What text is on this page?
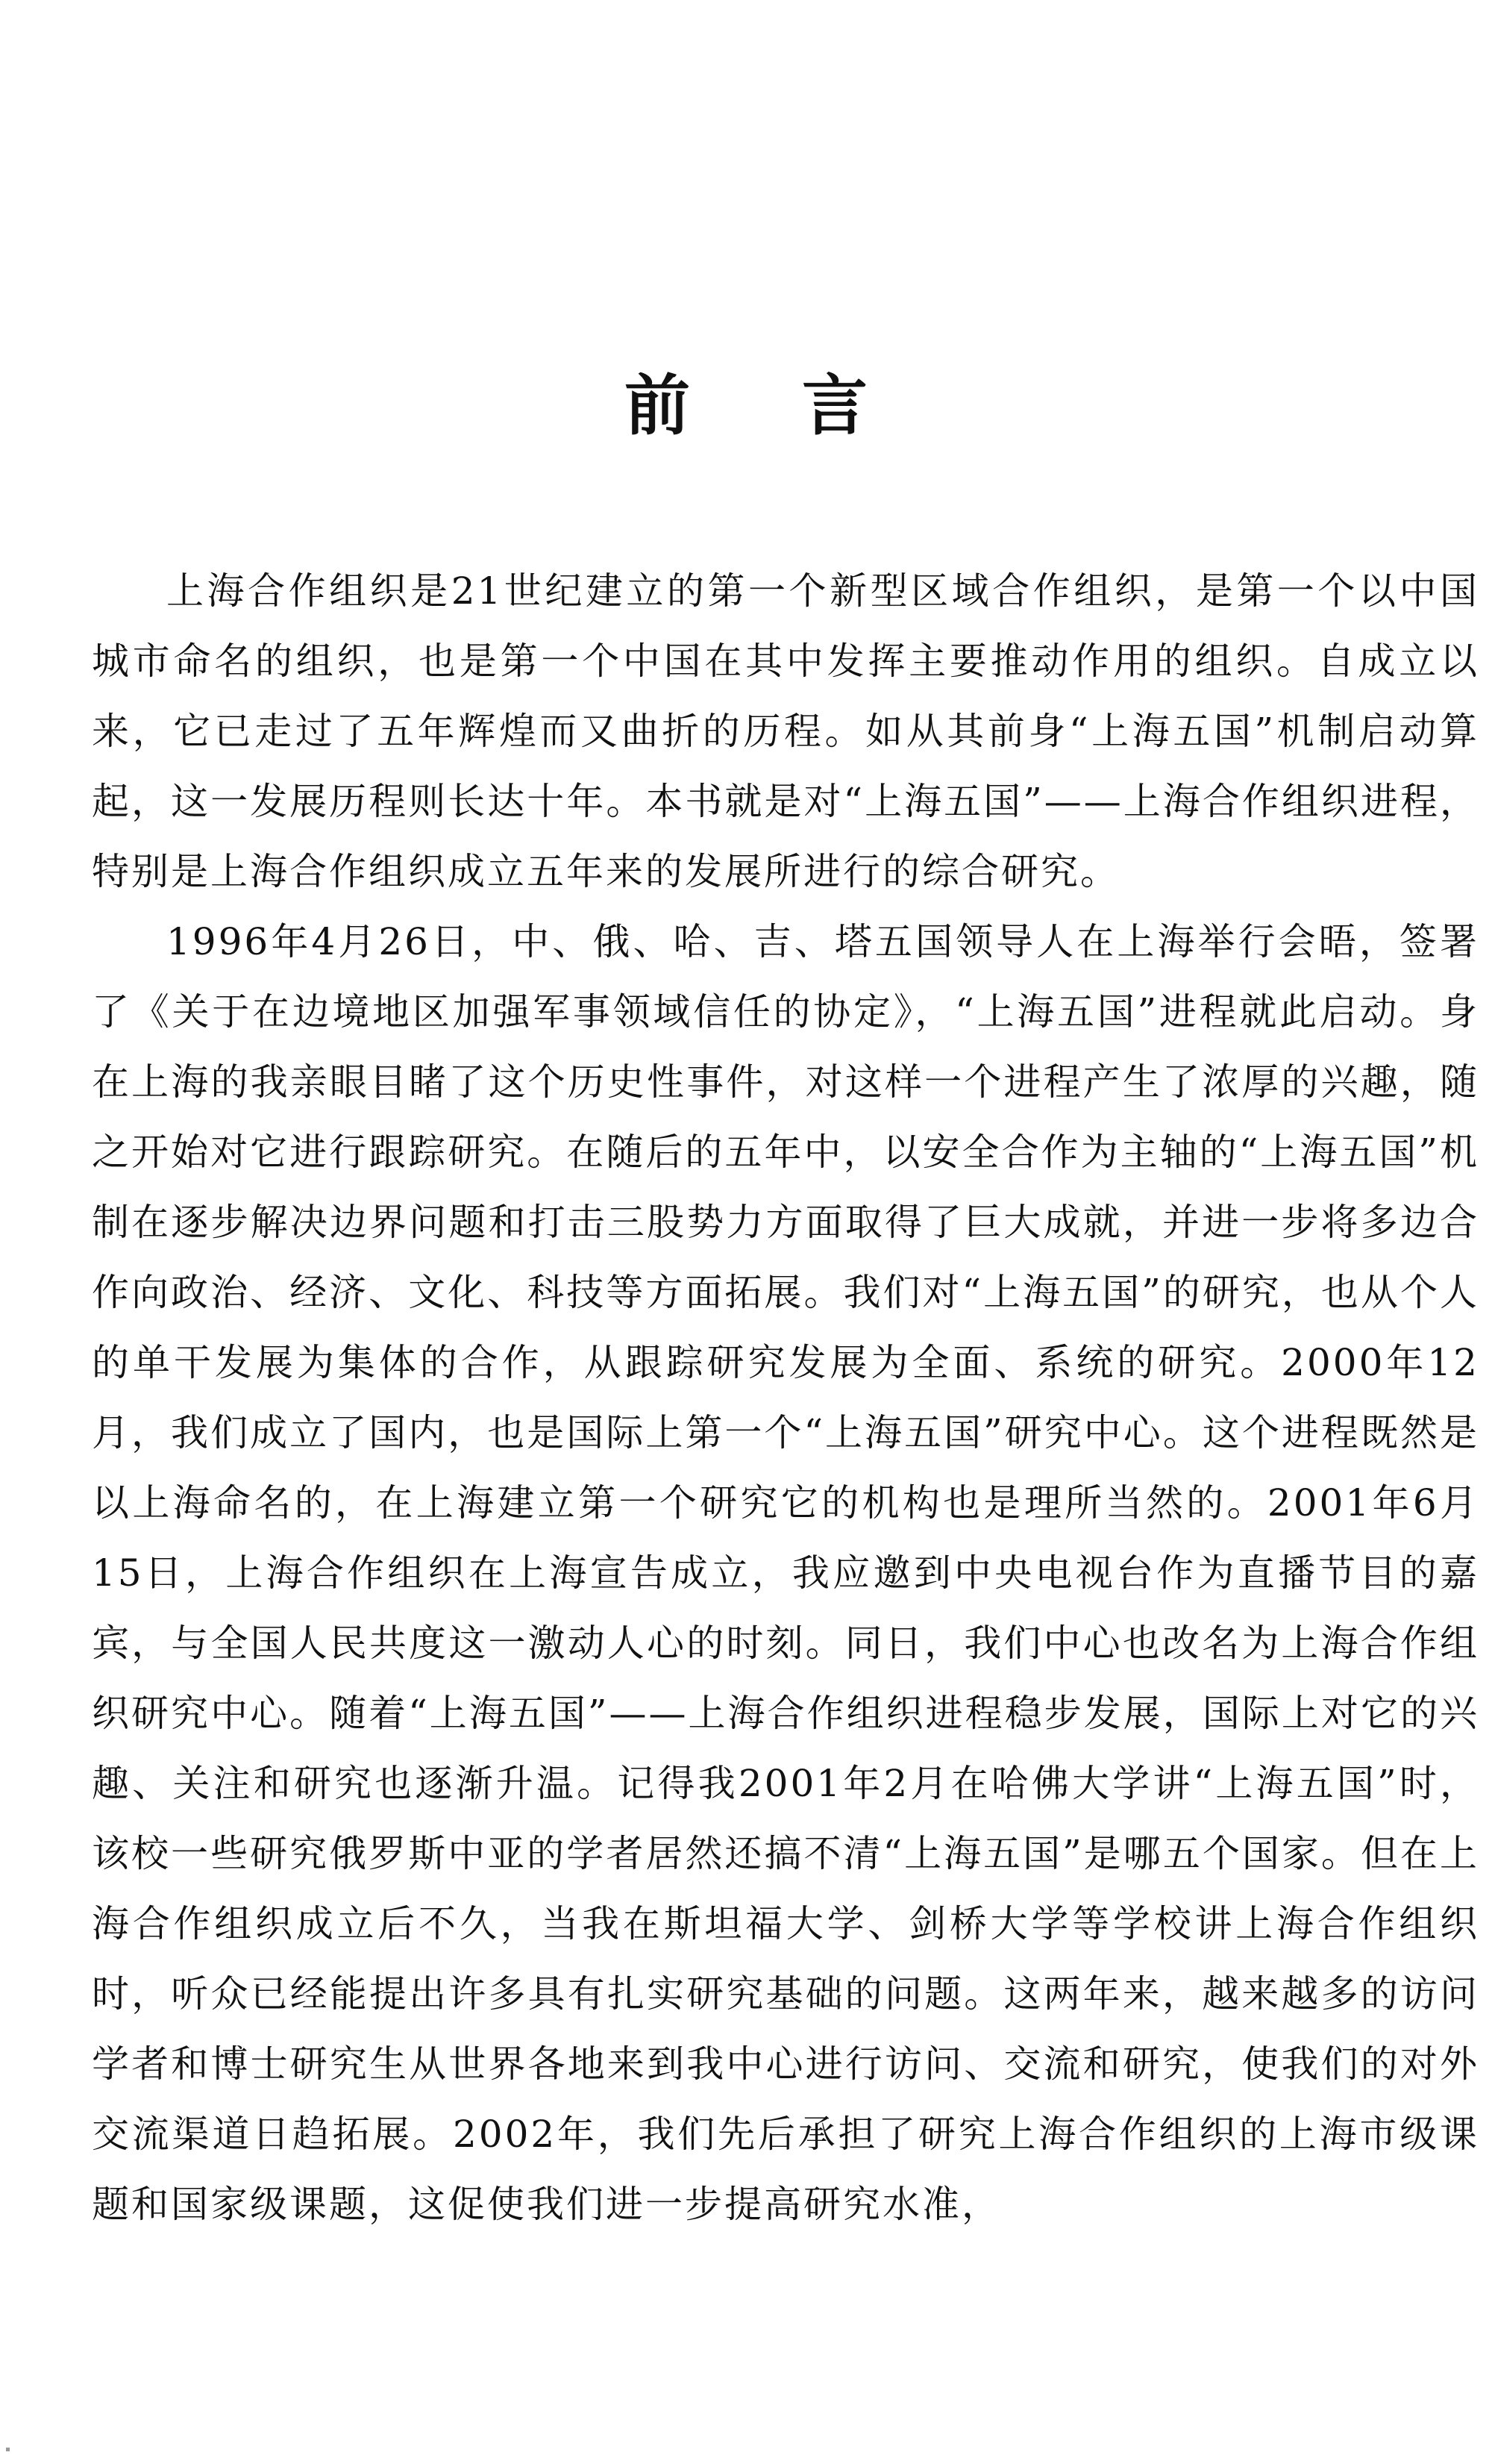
前言

上海合作组织是21世纪建立的第一个新型区域合作组织，是第一个以中国城市命名的组织，也是第一个中国在其中发挥主要推动作用的组织。自成立以来，它已走过了五年辉煌而又曲折的历程。如从其前身“上海五国”机制启动算起，这一发展历程则长达十年。本书就是对“上海五国”——上海合作组织进程，特别是上海合作组织成立五年来的发展所进行的综合研究。

1996年4月26日，中、俄、哈、吉、塔五国领导人在上海举行会晤，签署了《关于在边境地区加强军事领域信任的协定》，“上海五国”进程就此启动。身在上海的我亲眼目睹了这个历史性事件，对这样一个进程产生了浓厚的兴趣，随之开始对它进行跟踪研究。在随后的五年中，以安全合作为主轴的“上海五国”机制在逐步解决边界问题和打击三股势力方面取得了巨大成就，并进一步将多边合作向政治、经济、文化、科技等方面拓展。我们对“上海五国”的研究，也从个人的单干发展为集体的合作，从跟踪研究发展为全面、系统的研究。2000年12月，我们成立了国内，也是国际上第一个“上海五国”研究中心。这个进程既然是以上海命名的，在上海建立第一个研究它的机构也是理所当然的。2001年6月15日，上海合作组织在上海宣告成立，我应邀到中央电视台作为直播节目的嘉宾，与全国人民共度这一激动人心的时刻。同日，我们中心也改名为上海合作组织研究中心。随着“上海五国”——上海合作组织进程稳步发展，国际上对它的兴趣、关注和研究也逐渐升温。记得我2001年2月在哈佛大学讲“上海五国”时，该校一些研究俄罗斯中亚的学者居然还搞不清“上海五国”是哪五个国家。但在上海合作组织成立后不久，当我在斯坦福大学、剑桥大学等学校讲上海合作组织时，听众已经能提出许多具有扎实研究基础的问题。这两年来，越来越多的访问学者和博士研究生从世界各地来到我中心进行访问、交流和研究，使我们的对外交流渠道日趋拓展。2002年，我们先后承担了研究上海合作组织的上海市级课题和国家级课题，这促使我们进一步提高研究水准，
